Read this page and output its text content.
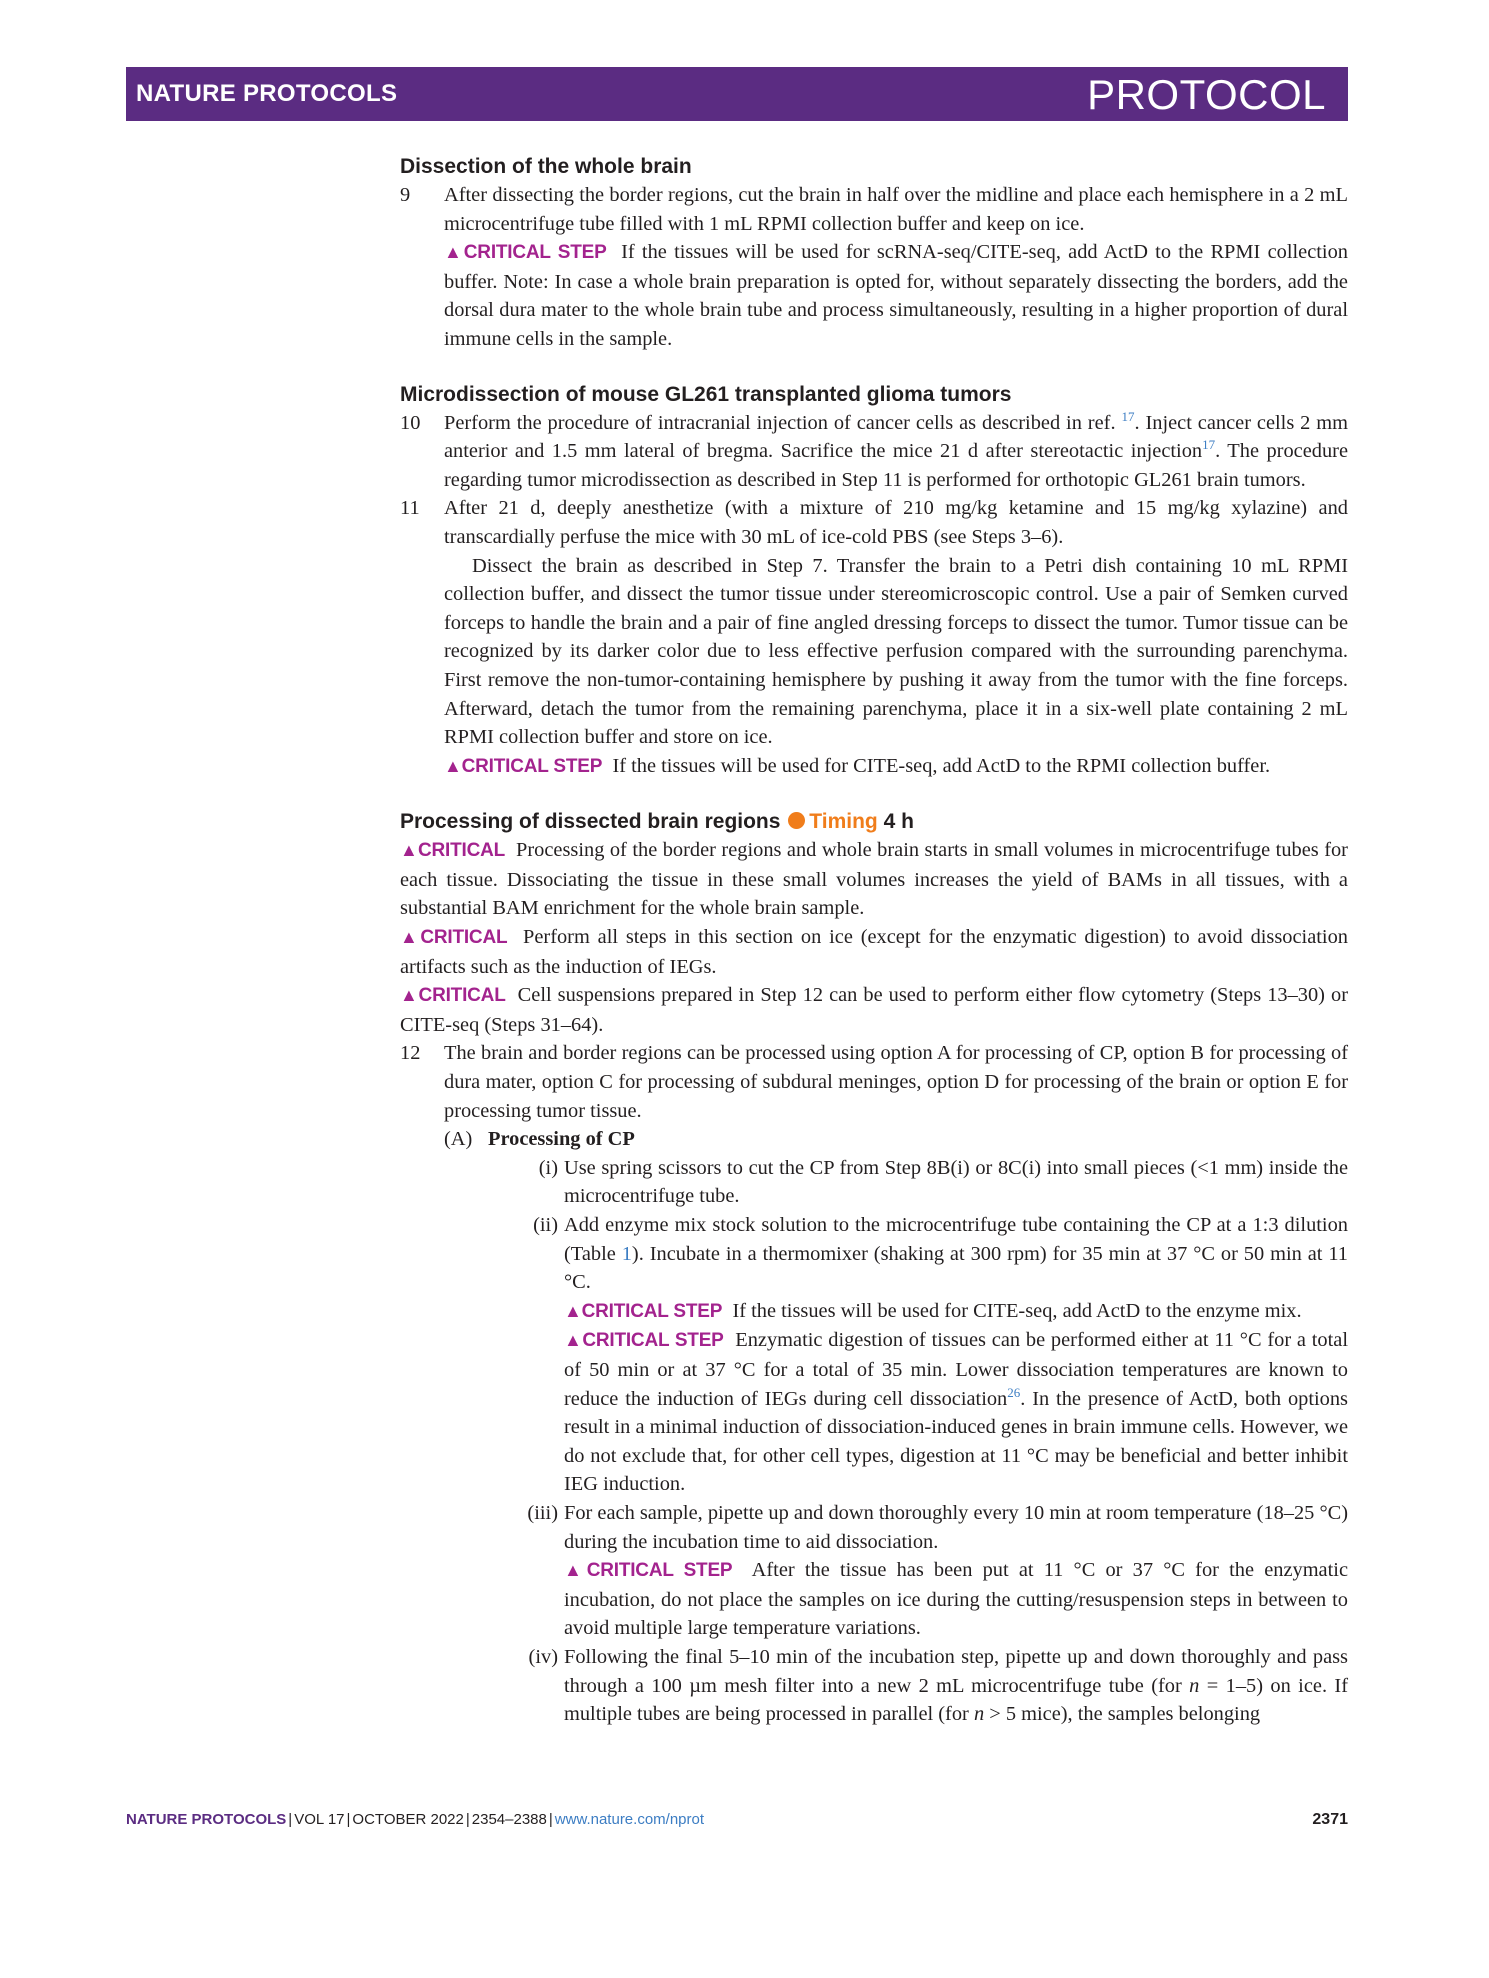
NATURE PROTOCOLS	PROTOCOL
Dissection of the whole brain
9 After dissecting the border regions, cut the brain in half over the midline and place each hemisphere in a 2 mL microcentrifuge tube filled with 1 mL RPMI collection buffer and keep on ice.
▲CRITICAL STEP If the tissues will be used for scRNA-seq/CITE-seq, add ActD to the RPMI collection buffer. Note: In case a whole brain preparation is opted for, without separately dissecting the borders, add the dorsal dura mater to the whole brain tube and process simultaneously, resulting in a higher proportion of dural immune cells in the sample.
Microdissection of mouse GL261 transplanted glioma tumors
10 Perform the procedure of intracranial injection of cancer cells as described in ref. $^{17}$. Inject cancer cells 2 mm anterior and 1.5 mm lateral of bregma. Sacrifice the mice 21 d after stereotactic injection$^{17}$. The procedure regarding tumor microdissection as described in Step 11 is performed for orthotopic GL261 brain tumors.
11 After 21 d, deeply anesthetize (with a mixture of 210 mg/kg ketamine and 15 mg/kg xylazine) and transcardially perfuse the mice with 30 mL of ice-cold PBS (see Steps 3–6).
Dissect the brain as described in Step 7. Transfer the brain to a Petri dish containing 10 mL RPMI collection buffer, and dissect the tumor tissue under stereomicroscopic control. Use a pair of Semken curved forceps to handle the brain and a pair of fine angled dressing forceps to dissect the tumor. Tumor tissue can be recognized by its darker color due to less effective perfusion compared with the surrounding parenchyma. First remove the non-tumor-containing hemisphere by pushing it away from the tumor with the fine forceps. Afterward, detach the tumor from the remaining parenchyma, place it in a six-well plate containing 2 mL RPMI collection buffer and store on ice.
▲CRITICAL STEP If the tissues will be used for CITE-seq, add ActD to the RPMI collection buffer.
Processing of dissected brain regions Timing 4 h
▲CRITICAL Processing of the border regions and whole brain starts in small volumes in microcentrifuge tubes for each tissue. Dissociating the tissue in these small volumes increases the yield of BAMs in all tissues, with a substantial BAM enrichment for the whole brain sample.
▲CRITICAL Perform all steps in this section on ice (except for the enzymatic digestion) to avoid dissociation artifacts such as the induction of IEGs.
▲CRITICAL Cell suspensions prepared in Step 12 can be used to perform either flow cytometry (Steps 13–30) or CITE-seq (Steps 31–64).
12 The brain and border regions can be processed using option A for processing of CP, option B for processing of dura mater, option C for processing of subdural meninges, option D for processing of the brain or option E for processing tumor tissue.
(A) Processing of CP
(i) Use spring scissors to cut the CP from Step 8B(i) or 8C(i) into small pieces (<1 mm) inside the microcentrifuge tube.
(ii) Add enzyme mix stock solution to the microcentrifuge tube containing the CP at a 1:3 dilution (Table 1). Incubate in a thermomixer (shaking at 300 rpm) for 35 min at 37 °C or 50 min at 11 °C.
▲CRITICAL STEP If the tissues will be used for CITE-seq, add ActD to the enzyme mix.
▲CRITICAL STEP Enzymatic digestion of tissues can be performed either at 11 °C for a total of 50 min or at 37 °C for a total of 35 min. Lower dissociation temperatures are known to reduce the induction of IEGs during cell dissociation$^{26}$. In the presence of ActD, both options result in a minimal induction of dissociation-induced genes in brain immune cells. However, we do not exclude that, for other cell types, digestion at 11 °C may be beneficial and better inhibit IEG induction.
(iii) For each sample, pipette up and down thoroughly every 10 min at room temperature (18–25 °C) during the incubation time to aid dissociation.
▲CRITICAL STEP After the tissue has been put at 11 °C or 37 °C for the enzymatic incubation, do not place the samples on ice during the cutting/resuspension steps in between to avoid multiple large temperature variations.
(iv) Following the final 5–10 min of the incubation step, pipette up and down thoroughly and pass through a 100 µm mesh filter into a new 2 mL microcentrifuge tube (for n = 1–5) on ice. If multiple tubes are being processed in parallel (for n > 5 mice), the samples belonging
NATURE PROTOCOLS | VOL 17 | OCTOBER 2022 | 2354–2388 | www.nature.com/nprot	2371
